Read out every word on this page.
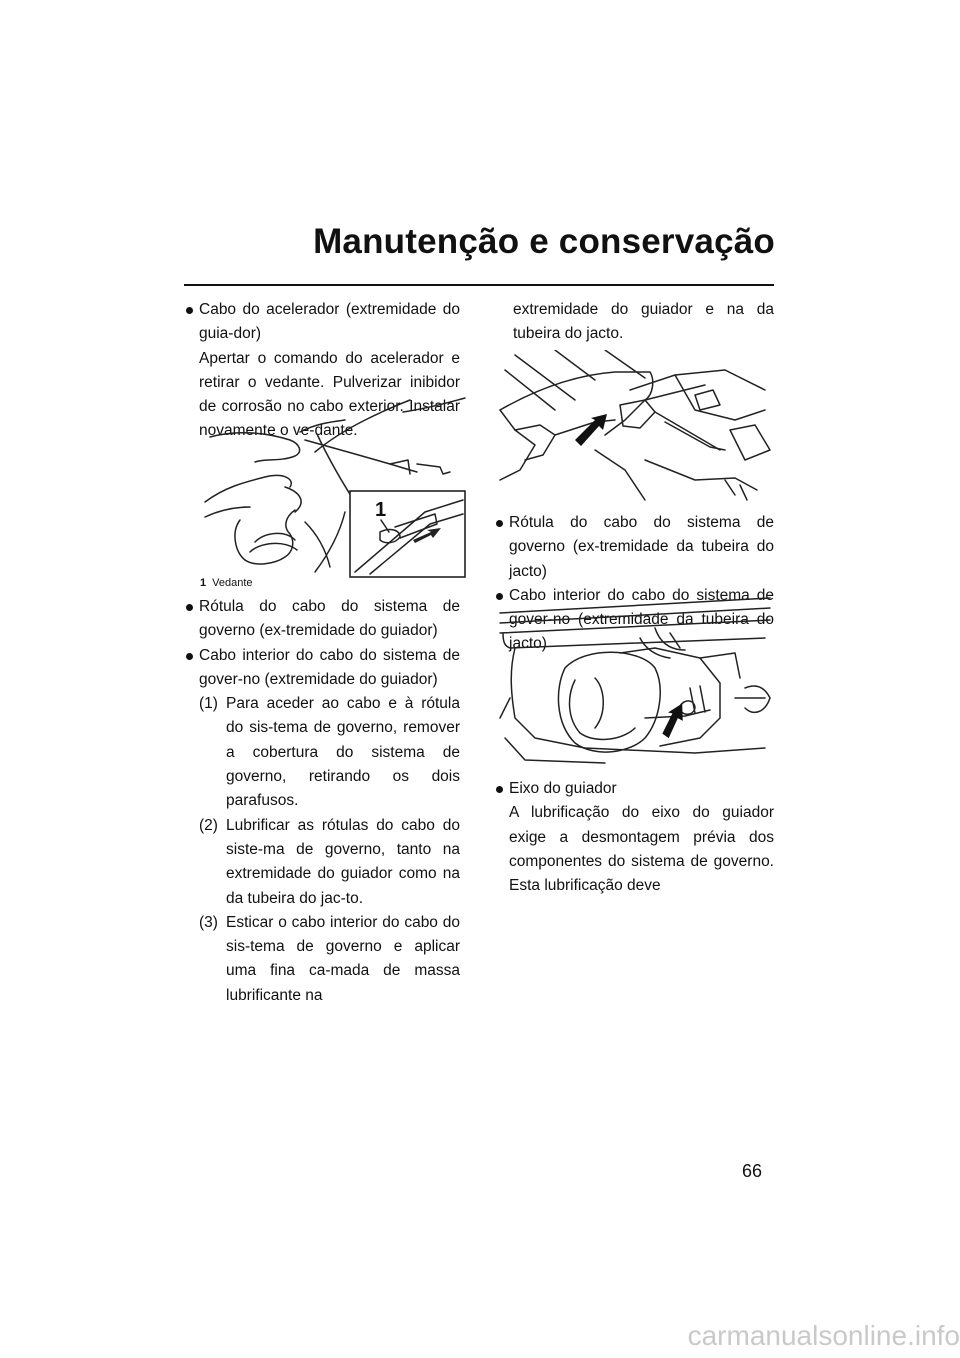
Manutenção e conservação
Cabo do acelerador (extremidade do guia-dor)
Apertar o comando do acelerador e retirar o vedante. Pulverizar inibidor de corrosão no cabo exterior. Instalar novamente o ve-dante.
1
1 Vedante
Rótula do cabo do sistema de governo (ex-tremidade do guiador)
Cabo interior do cabo do sistema de gover-no (extremidade do guiador)
(1) Para aceder ao cabo e à rótula do sis-tema de governo, remover a cobertura do sistema de governo, retirando os dois parafusos.
(2) Lubrificar as rótulas do cabo do siste-ma de governo, tanto na extremidade do guiador como na da tubeira do jac-to.
(3) Esticar o cabo interior do cabo do sis-tema de governo e aplicar uma fina ca-mada de massa lubrificante na
extremidade do guiador e na da tubeira do jacto.
Rótula do cabo do sistema de governo (ex-tremidade da tubeira do jacto)
Cabo interior do cabo do sistema de gover-no (extremidade da tubeira do jacto)
Eixo do guiador
A lubrificação do eixo do guiador exige a desmontagem prévia dos componentes do sistema de governo. Esta lubrificação deve
66
carmanualsonline.info
